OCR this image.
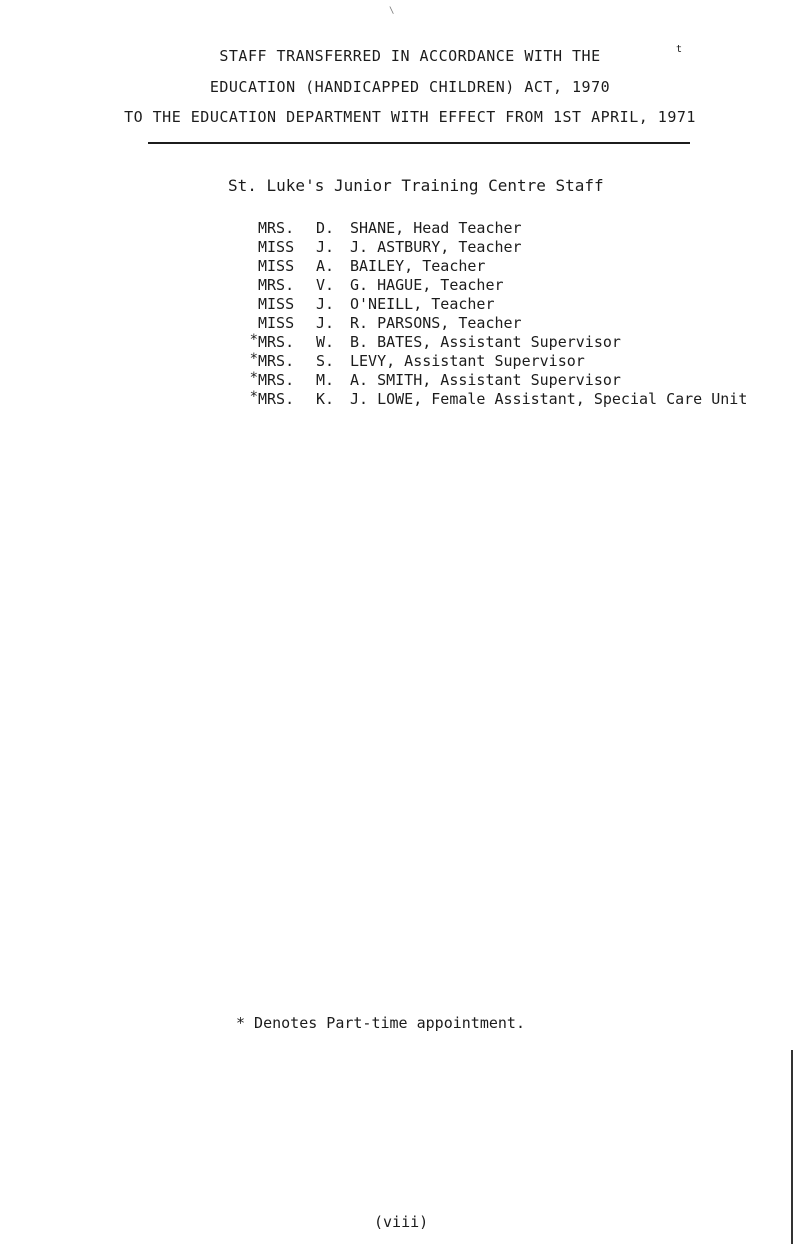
\
t
STAFF TRANSFERRED IN ACCORDANCE WITH THE
EDUCATION (HANDICAPPED CHILDREN) ACT, 1970
TO THE EDUCATION DEPARTMENT WITH EFFECT FROM 1ST APRIL, 1971
St. Luke's Junior Training Centre Staff
MRS. D. SHANE, Head Teacher
MISS J. J. ASTBURY, Teacher
MISS A. BAILEY, Teacher
MRS. V. G. HAGUE, Teacher
MISS J. O'NEILL, Teacher
MISS J. R. PARSONS, Teacher
* MRS. W. B. BATES, Assistant Supervisor
* MRS. S. LEVY, Assistant Supervisor
* MRS. M. A. SMITH, Assistant Supervisor
* MRS. K. J. LOWE, Female Assistant, Special Care Unit
* Denotes Part-time appointment.
(viii)
